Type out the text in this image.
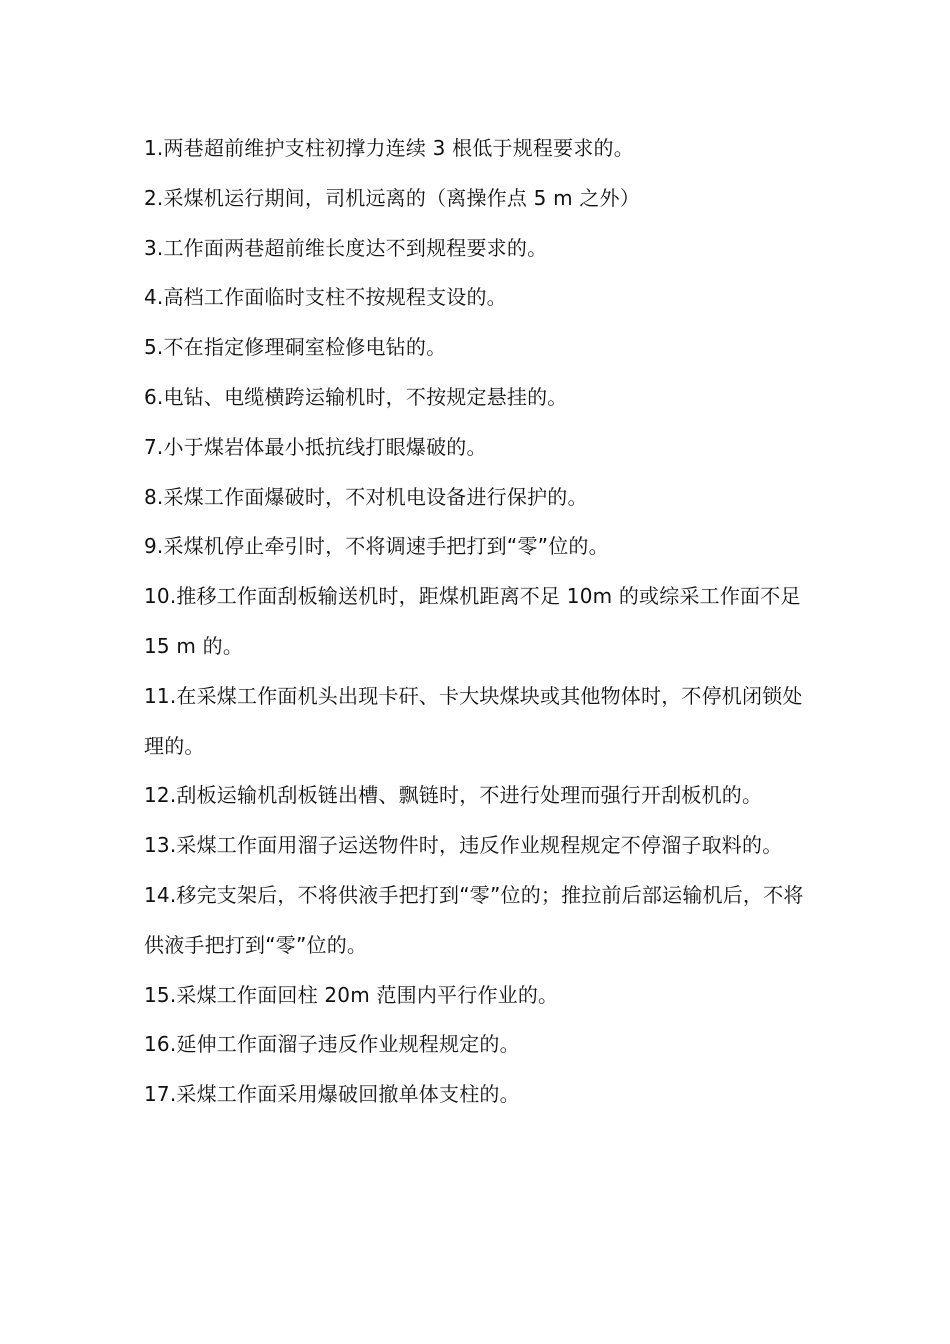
1.两巷超前维护支柱初撑力连续 3 根低于规程要求的。

2.采煤机运行期间，司机远离的（离操作点 5 m 之外）

3.工作面两巷超前维长度达不到规程要求的。

4.高档工作面临时支柱不按规程支设的。

5.不在指定修理硐室检修电钻的。

6.电钻、电缆横跨运输机时，不按规定悬挂的。

7.小于煤岩体最小抵抗线打眼爆破的。

8.采煤工作面爆破时，不对机电设备进行保护的。

9.采煤机停止牵引时，不将调速手把打到“零”位的。

10.推移工作面刮板输送机时，距煤机距离不足 10m 的或综采工作面不足 15 m 的。

11.在采煤工作面机头出现卡矸、卡大块煤块或其他物体时，不停机闭锁处理的。

12.刮板运输机刮板链出槽、飘链时，不进行处理而强行开刮板机的。

13.采煤工作面用溜子运送物件时，违反作业规程规定不停溜子取料的。

14.移完支架后，不将供液手把打到“零”位的；推拉前后部运输机后，不将供液手把打到“零”位的。

15.采煤工作面回柱 20m 范围内平行作业的。

16.延伸工作面溜子违反作业规程规定的。

17.采煤工作面采用爆破回撤单体支柱的。
